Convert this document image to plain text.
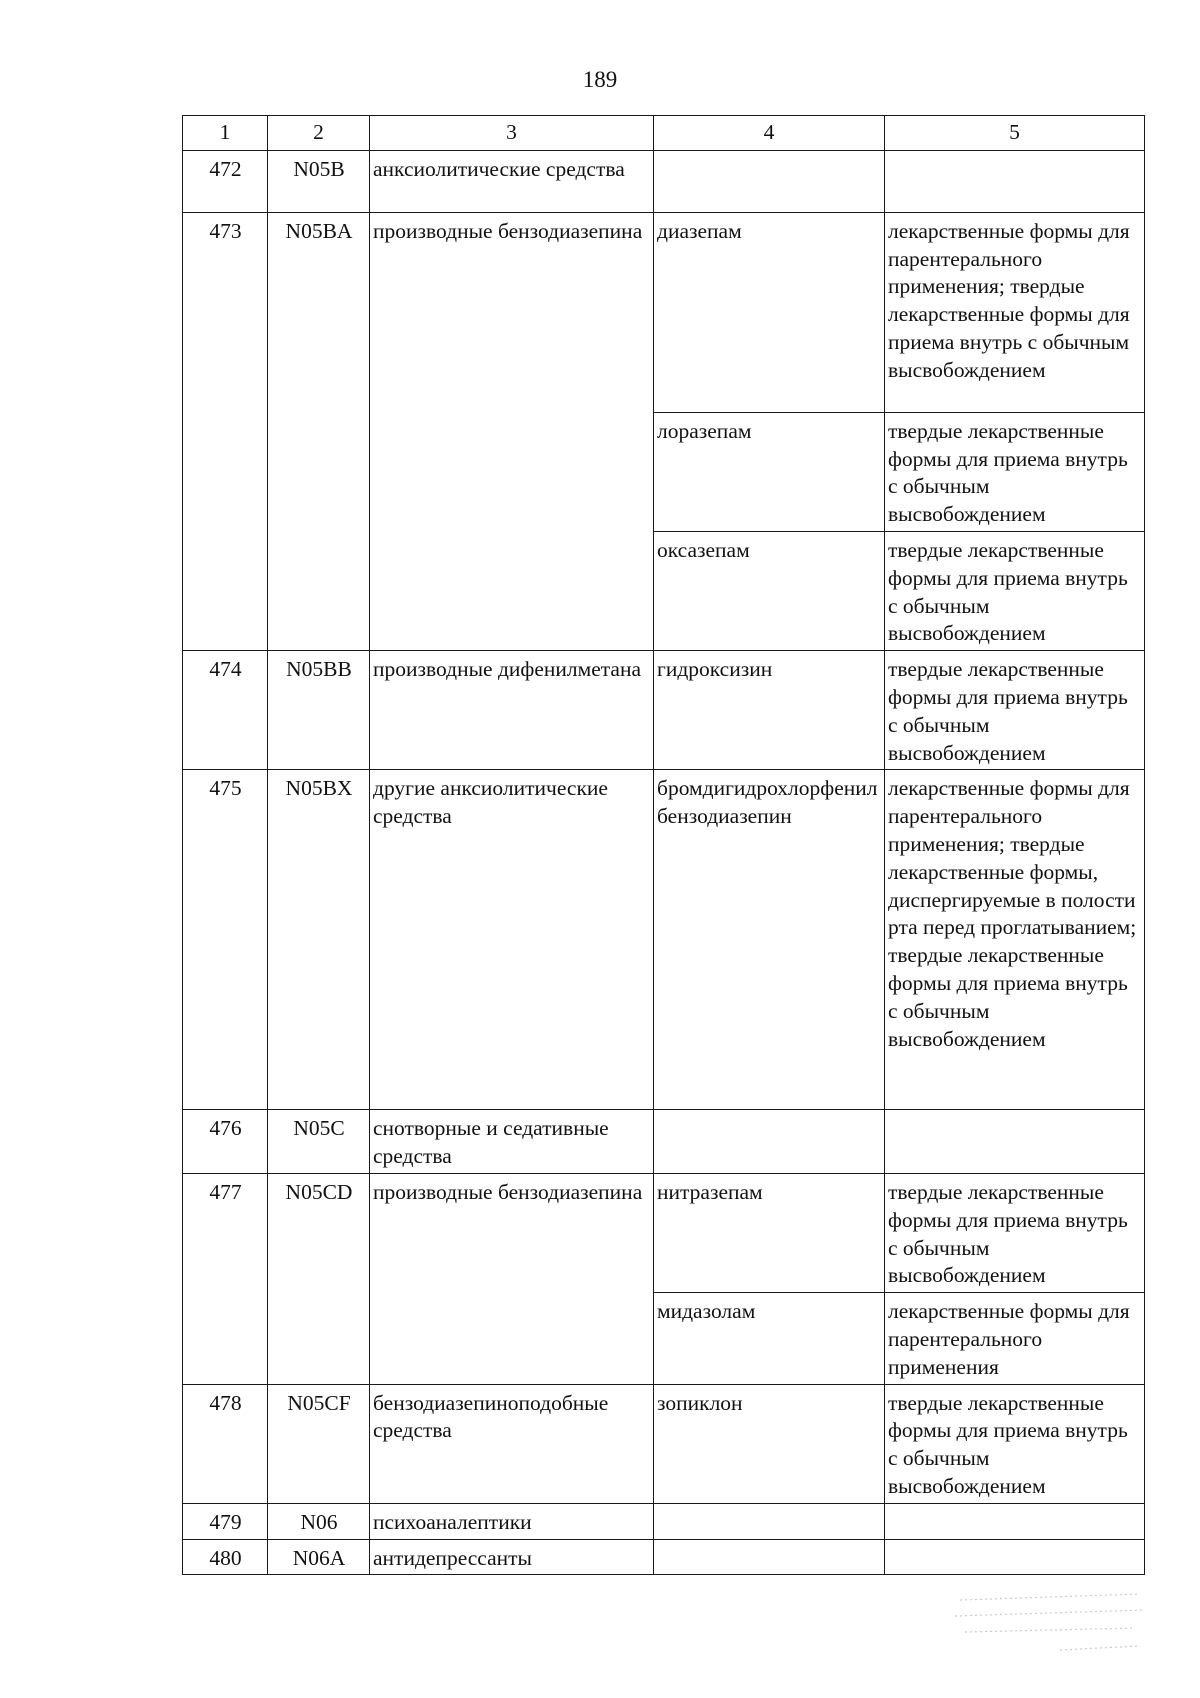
189
1	2	3	4	5
472	N05B	анксиолитические средства		
473	N05BA	производные бензодиазепина	диазепам	лекарственные формы для парентерального применения; твердые лекарственные формы для приема внутрь с обычным высвобождением
			лоразепам	твердые лекарственные формы для приема внутрь с обычным высвобождением
			оксазепам	твердые лекарственные формы для приема внутрь с обычным высвобождением
474	N05BB	производные дифенилметана	гидроксизин	твердые лекарственные формы для приема внутрь с обычным высвобождением
475	N05BX	другие анксиолитические средства	бромдигидрохлорфенилбензодиазепин	лекарственные формы для парентерального применения; твердые лекарственные формы, диспергируемые в полости рта перед проглатыванием; твердые лекарственные формы для приема внутрь с обычным высвобождением
476	N05C	снотворные и седативные средства		
477	N05CD	производные бензодиазепина	нитразепам	твердые лекарственные формы для приема внутрь с обычным высвобождением
			мидазолам	лекарственные формы для парентерального применения
478	N05CF	бензодиазепиноподобные средства	зопиклон	твердые лекарственные формы для приема внутрь с обычным высвобождением
479	N06	психоаналептики		
480	N06A	антидепрессанты		
